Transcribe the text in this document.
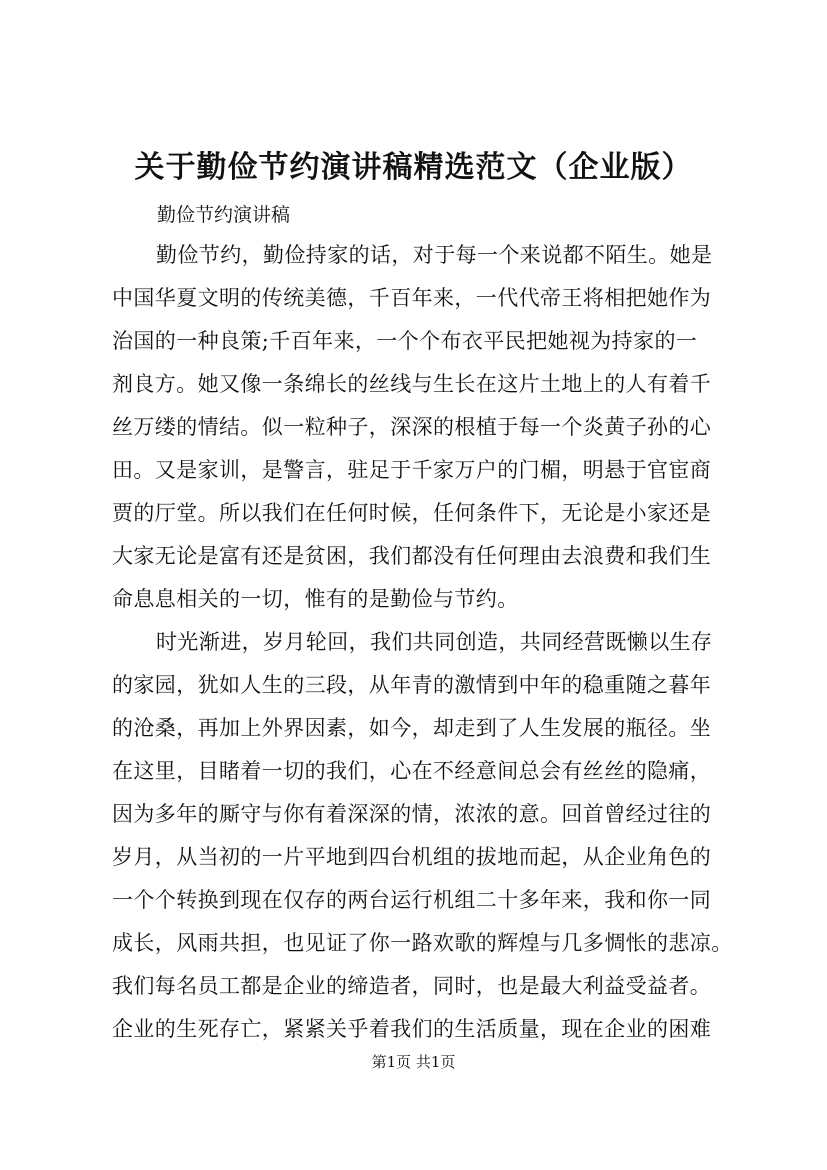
关于勤俭节约演讲稿精选范文（企业版）
勤俭节约演讲稿
勤俭节约，勤俭持家的话，对于每一个来说都不陌生。她是
中国华夏文明的传统美德，千百年来，一代代帝王将相把她作为
治国的一种良策;千百年来，一个个布衣平民把她视为持家的一
剂良方。她又像一条绵长的丝线与生长在这片土地上的人有着千
丝万缕的情结。似一粒种子，深深的根植于每一个炎黄子孙的心
田。又是家训，是警言，驻足于千家万户的门楣，明悬于官宦商
贾的厅堂。所以我们在任何时候，任何条件下，无论是小家还是
大家无论是富有还是贫困，我们都没有任何理由去浪费和我们生
命息息相关的一切，惟有的是勤俭与节约。
时光渐进，岁月轮回，我们共同创造，共同经营既懒以生存
的家园，犹如人生的三段，从年青的激情到中年的稳重随之暮年
的沧桑，再加上外界因素，如今，却走到了人生发展的瓶径。坐
在这里，目睹着一切的我们，心在不经意间总会有丝丝的隐痛，
因为多年的厮守与你有着深深的情，浓浓的意。回首曾经过往的
岁月，从当初的一片平地到四台机组的拔地而起，从企业角色的
一个个转换到现在仅存的两台运行机组二十多年来，我和你一同
成长，风雨共担，也见证了你一路欢歌的辉煌与几多惆怅的悲凉。
我们每名员工都是企业的缔造者，同时，也是最大利益受益者。
企业的生死存亡，紧紧关乎着我们的生活质量，现在企业的困难
第1页 共1页
